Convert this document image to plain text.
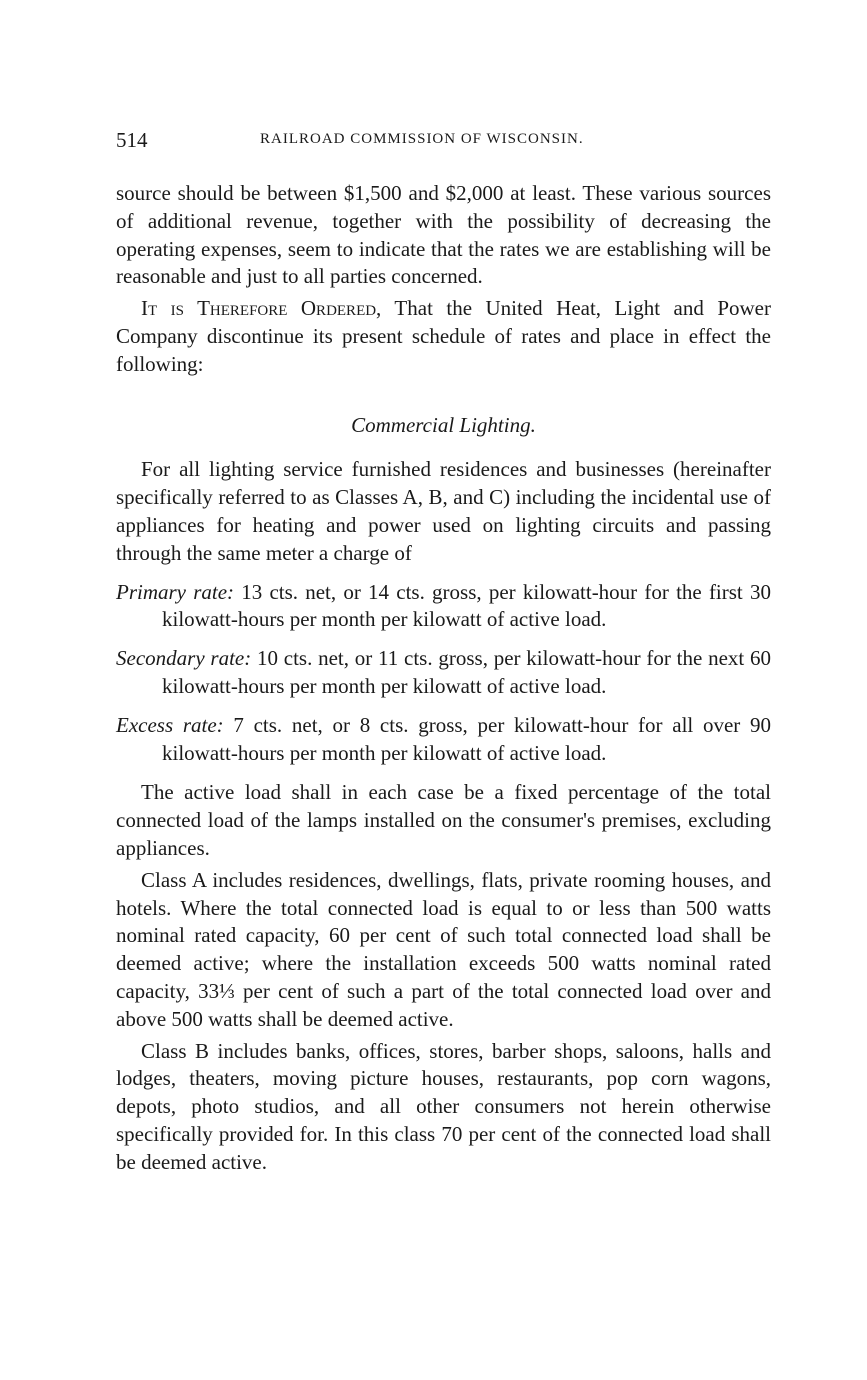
514	RAILROAD COMMISSION OF WISCONSIN.

source should be between $1,500 and $2,000 at least. These various sources of additional revenue, together with the possibility of decreasing the operating expenses, seem to indicate that the rates we are establishing will be reasonable and just to all parties concerned.

It is Therefore Ordered, That the United Heat, Light and Power Company discontinue its present schedule of rates and place in effect the following:

Commercial Lighting.

For all lighting service furnished residences and businesses (hereinafter specifically referred to as Classes A, B, and C) including the incidental use of appliances for heating and power used on lighting circuits and passing through the same meter a charge of

Primary rate: 13 cts. net, or 14 cts. gross, per kilowatt-hour for the first 30 kilowatt-hours per month per kilowatt of active load.

Secondary rate: 10 cts. net, or 11 cts. gross, per kilowatt-hour for the next 60 kilowatt-hours per month per kilowatt of active load.

Excess rate: 7 cts. net, or 8 cts. gross, per kilowatt-hour for all over 90 kilowatt-hours per month per kilowatt of active load.

The active load shall in each case be a fixed percentage of the total connected load of the lamps installed on the consumer's premises, excluding appliances.

Class A includes residences, dwellings, flats, private rooming houses, and hotels. Where the total connected load is equal to or less than 500 watts nominal rated capacity, 60 per cent of such total connected load shall be deemed active; where the installation exceeds 500 watts nominal rated capacity, 33⅓ per cent of such a part of the total connected load over and above 500 watts shall be deemed active.

Class B includes banks, offices, stores, barber shops, saloons, halls and lodges, theaters, moving picture houses, restaurants, pop corn wagons, depots, photo studios, and all other consumers not herein otherwise specifically provided for. In this class 70 per cent of the connected load shall be deemed active.
